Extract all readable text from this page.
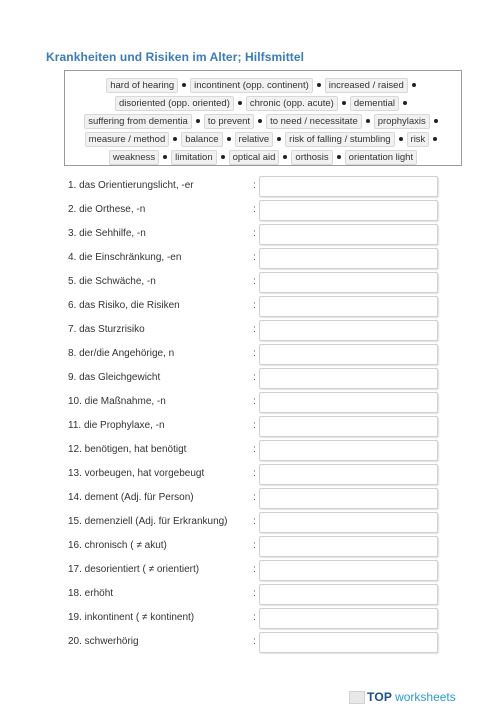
Krankheiten und Risiken im Alter; Hilfsmittel
hard of hearing	incontinent (opp. continent)	increased / raised
disoriented (opp. oriented)	chronic (opp. acute)	demential
suffering from dementia	to prevent	to need / necessitate	prophylaxis
measure / method	balance	relative	risk of falling / stumbling	risk
weakness	limitation	optical aid	orthosis	orientation light
1. das Orientierungslicht, -er	:
2. die Orthese, -n	:
3. die Sehhilfe, -n	:
4. die Einschränkung, -en	:
5. die Schwäche, -n	:
6. das Risiko, die Risiken	:
7. das Sturzrisiko	:
8. der/die Angehörige, n	:
9. das Gleichgewicht	:
10. die Maßnahme, -n	:
11. die Prophylaxe, -n	:
12. benötigen, hat benötigt	:
13. vorbeugen, hat vorgebeugt	:
14. dement (Adj. für Person)	:
15. demenziell (Adj. für Erkrankung)	:
16. chronisch ( ≠ akut)	:
17. desorientiert ( ≠ orientiert)	:
18. erhöht	:
19. inkontinent ( ≠ kontinent)	:
20. schwerhörig	:
TOP worksheets
